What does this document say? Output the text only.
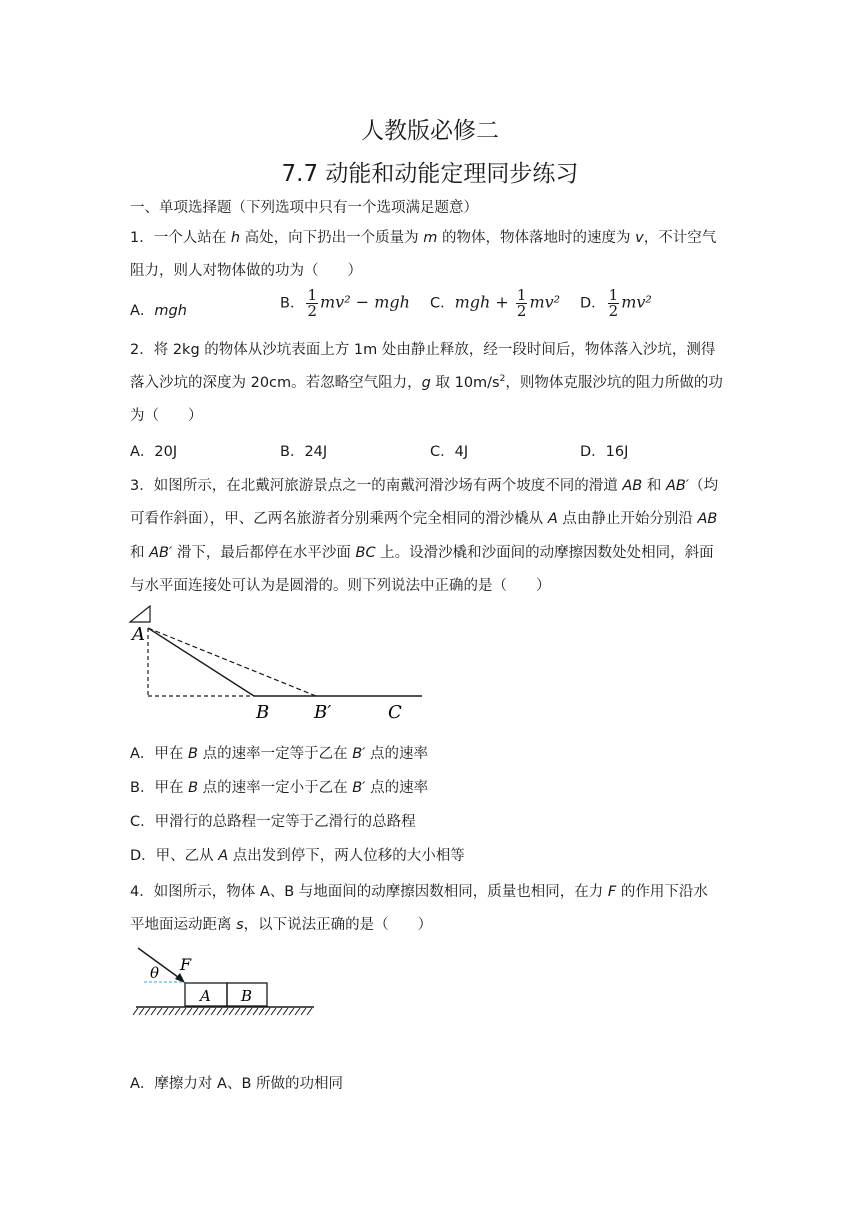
人教版必修二
7.7 动能和动能定理同步练习
一、单项选择题（下列选项中只有一个选项满足题意）
1．一个人站在 h 高处，向下扔出一个质量为 m 的物体，物体落地时的速度为 v，不计空气
阻力，则人对物体做的功为（　　）
A．mgh	B． $\frac{1}{2} mv^2$ − mgh C．mgh + $\frac{1}{2} mv^2$ D． $\frac{1}{2} mv^2$
2．将 2kg 的物体从沙坑表面上方 1m 处由静止释放，经一段时间后，物体落入沙坑，测得
落入沙坑的深度为 20cm。若忽略空气阻力，g 取 $10m/s^2$，则物体克服沙坑的阻力所做的功
为（　　）
A．20J	B．24J	C．4J	D．16J
3．如图所示，在北戴河旅游景点之一的南戴河滑沙场有两个坡度不同的滑道 AB 和 AB′（均
可看作斜面），甲、乙两名旅游者分别乘两个完全相同的滑沙橇从 A 点由静止开始分别沿 AB
和 AB′ 滑下，最后都停在水平沙面 BC 上。设滑沙橇和沙面间的动摩擦因数处处相同，斜面
与水平面连接处可认为是圆滑的。则下列说法中正确的是（　　）
A
B B′	C
A．甲在 B 点的速率一定等于乙在 B′ 点的速率
B．甲在 B 点的速率一定小于乙在 B′ 点的速率
C．甲滑行的总路程一定等于乙滑行的总路程
D．甲、乙从 A 点出发到停下，两人位移的大小相等
4．如图所示，物体 A、B 与地面间的动摩擦因数相同，质量也相同，在力 F 的作用下沿水
平地面运动距离 s，以下说法正确的是（　　）
θ F
A B
A．摩擦力对 A、B 所做的功相同
